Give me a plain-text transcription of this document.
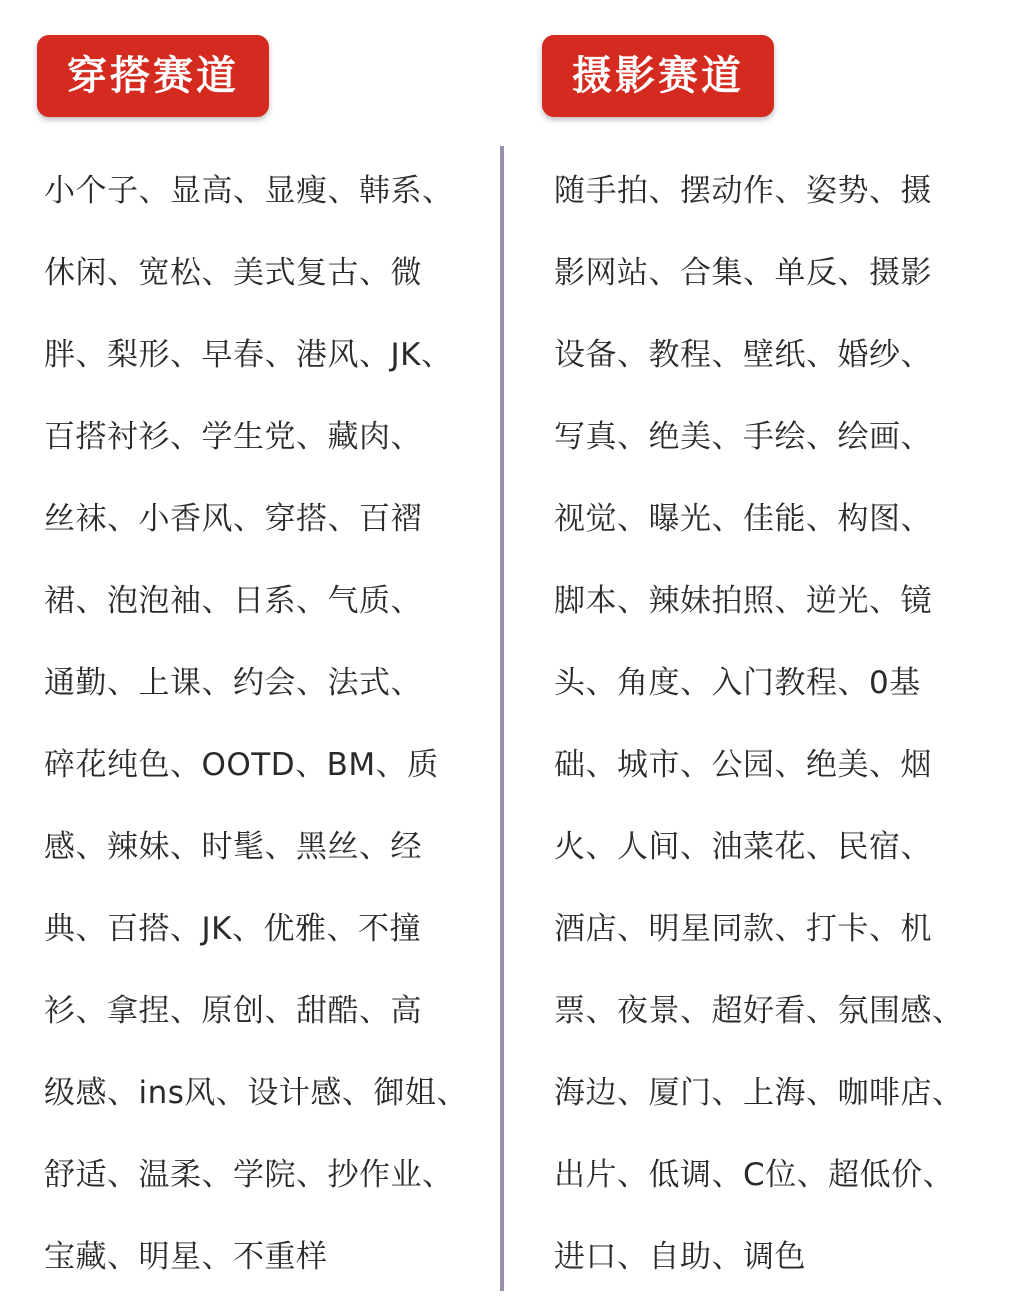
穿搭赛道	摄影赛道
小个子、显高、显瘦、韩系、
休闲、宽松、美式复古、微
胖、梨形、早春、港风、JK、
百搭衬衫、学生党、藏肉、
丝袜、小香风、穿搭、百褶
裙、泡泡袖、日系、气质、
通勤、上课、约会、法式、
碎花纯色、OOTD、BM、质
感、辣妹、时髦、黑丝、经
典、百搭、JK、优雅、不撞
衫、拿捏、原创、甜酷、高
级感、ins风、设计感、御姐、
舒适、温柔、学院、抄作业、
宝藏、明星、不重样
随手拍、摆动作、姿势、摄
影网站、合集、单反、摄影
设备、教程、壁纸、婚纱、
写真、绝美、手绘、绘画、
视觉、曝光、佳能、构图、
脚本、辣妹拍照、逆光、镜
头、角度、入门教程、0基
础、城市、公园、绝美、烟
火、人间、油菜花、民宿、
酒店、明星同款、打卡、机
票、夜景、超好看、氛围感、
海边、厦门、上海、咖啡店、
出片、低调、C位、超低价、
进口、自助、调色
